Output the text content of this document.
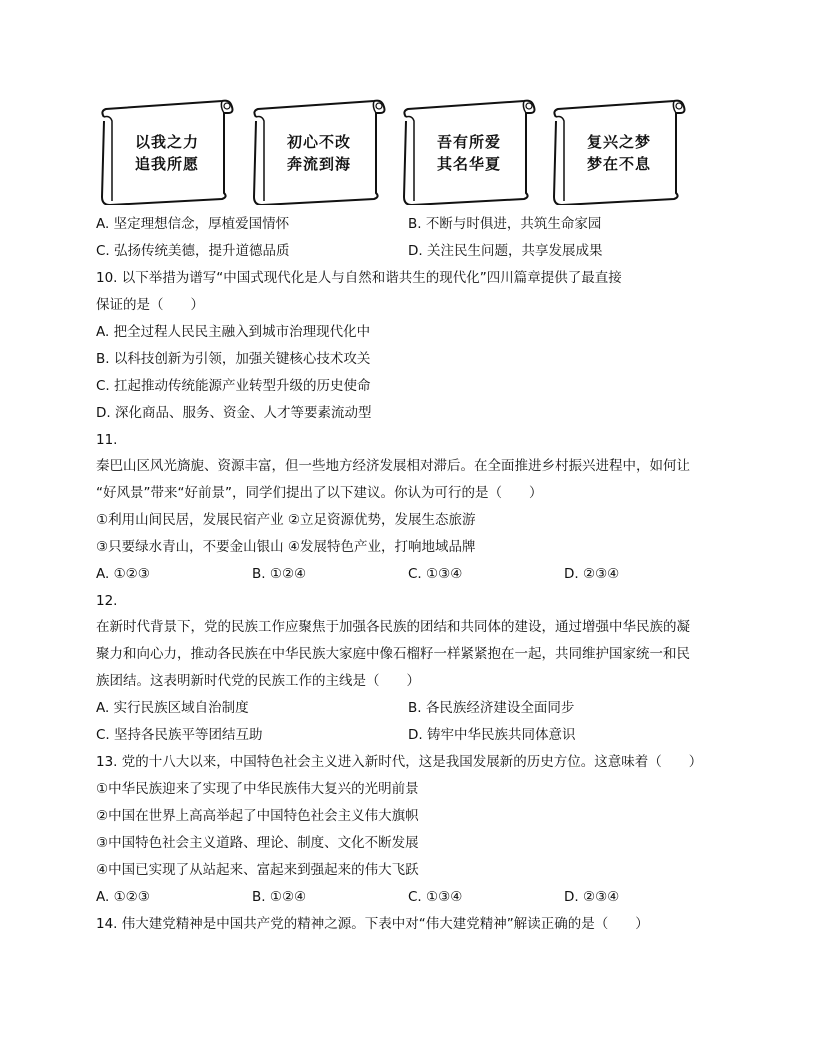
以我之力
追我所愿
初心不改
奔流到海
吾有所爱
其名华夏
复兴之梦
梦在不息
A. 坚定理想信念，厚植爱国情怀	B. 不断与时俱进，共筑生命家园
C. 弘扬传统美德，提升道德品质	D. 关注民生问题，共享发展成果
10. 以下举措为谱写“中国式现代化是人与自然和谐共生的现代化”四川篇章提供了最直接
保证的是（　　）
A. 把全过程人民民主融入到城市治理现代化中
B. 以科技创新为引领，加强关键核心技术攻关
C. 扛起推动传统能源产业转型升级的历史使命
D. 深化商品、服务、资金、人才等要素流动型
11.
秦巴山区风光旖旎、资源丰富，但一些地方经济发展相对滞后。在全面推进乡村振兴进程中，如何让
“好风景”带来“好前景”，同学们提出了以下建议。你认为可行的是（　　）
①利用山间民居，发展民宿产业 ②立足资源优势，发展生态旅游
③只要绿水青山，不要金山银山 ④发展特色产业，打响地域品牌
A. ①②③	B. ①②④	C. ①③④	D. ②③④
12.
在新时代背景下，党的民族工作应聚焦于加强各民族的团结和共同体的建设，通过增强中华民族的凝
聚力和向心力，推动各民族在中华民族大家庭中像石榴籽一样紧紧抱在一起，共同维护国家统一和民
族团结。这表明新时代党的民族工作的主线是（　　）
A. 实行民族区域自治制度	B. 各民族经济建设全面同步
C. 坚持各民族平等团结互助	D. 铸牢中华民族共同体意识
13. 党的十八大以来，中国特色社会主义进入新时代，这是我国发展新的历史方位。这意味着（　　）
①中华民族迎来了实现了中华民族伟大复兴的光明前景
②中国在世界上高高举起了中国特色社会主义伟大旗帜
③中国特色社会主义道路、理论、制度、文化不断发展
④中国已实现了从站起来、富起来到强起来的伟大飞跃
A. ①②③	B. ①②④	C. ①③④	D. ②③④
14. 伟大建党精神是中国共产党的精神之源。下表中对“伟大建党精神”解读正确的是（　　）
